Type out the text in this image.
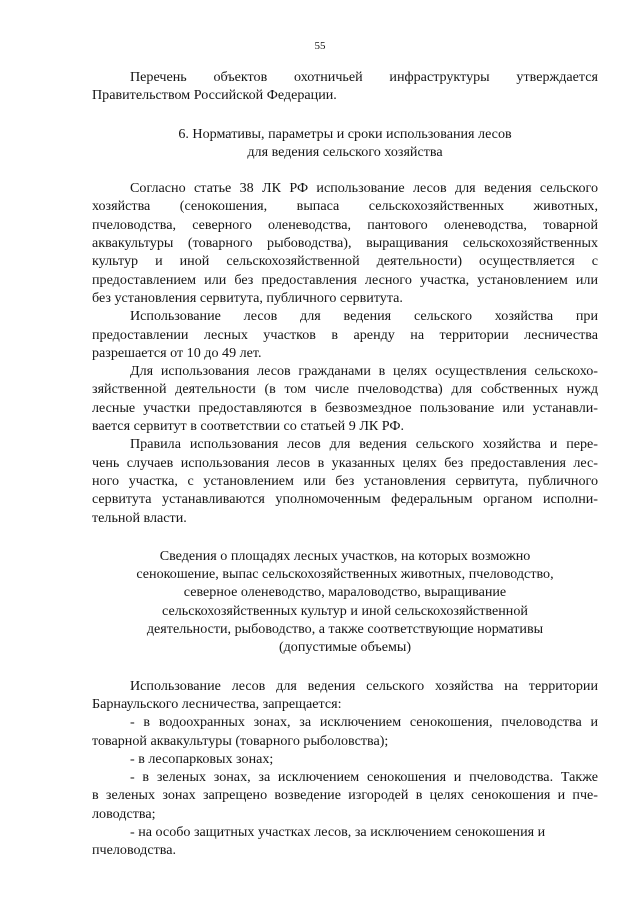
55

Перечень объектов охотничьей инфраструктуры утверждается

Правительством Российской Федерации.

6. Нормативы, параметры и сроки использования лесов

для ведения сельского хозяйства

Согласно статье 38 ЛК РФ использование лесов для ведения сельского

хозяйства (сенокошения, выпаса сельскохозяйственных животных,

пчеловодства, северного оленеводства, пантового оленеводства, товарной

аквакультуры (товарного рыбоводства), выращивания сельскохозяйственных

культур и иной сельскохозяйственной деятельности) осуществляется с

предоставлением или без предоставления лесного участка, установлением или

без установления сервитута, публичного сервитута.

Использование лесов для ведения сельского хозяйства при

предоставлении лесных участков в аренду на территории лесничества

разрешается от 10 до 49 лет.

Для использования лесов гражданами в целях осуществления сельскохо-

зяйственной деятельности (в том числе пчеловодства) для собственных нужд

лесные участки предоставляются в безвозмездное пользование или устанавли-

вается сервитут в соответствии со статьей 9 ЛК РФ.

Правила использования лесов для ведения сельского хозяйства и пере-

чень случаев использования лесов в указанных целях без предоставления лес-

ного участка, с установлением или без установления сервитута, публичного

сервитута устанавливаются уполномоченным федеральным органом исполни-

тельной власти.

Сведения о площадях лесных участков, на которых возможно

сенокошение, выпас сельскохозяйственных животных, пчеловодство,

северное оленеводство, мараловодство, выращивание

сельскохозяйственных культур и иной сельскохозяйственной

деятельности, рыбоводство, а также соответствующие нормативы

(допустимые объемы)

Использование лесов для ведения сельского хозяйства на территории

Барнаульского лесничества, запрещается:

- в водоохранных зонах, за исключением сенокошения, пчеловодства и

товарной аквакультуры (товарного рыболовства);

- в лесопарковых зонах;

- в зеленых зонах, за исключением сенокошения и пчеловодства. Также

в зеленых зонах запрещено возведение изгородей в целях сенокошения и пче-

ловодства;

- на особо защитных участках лесов, за исключением сенокошения и

пчеловодства.
